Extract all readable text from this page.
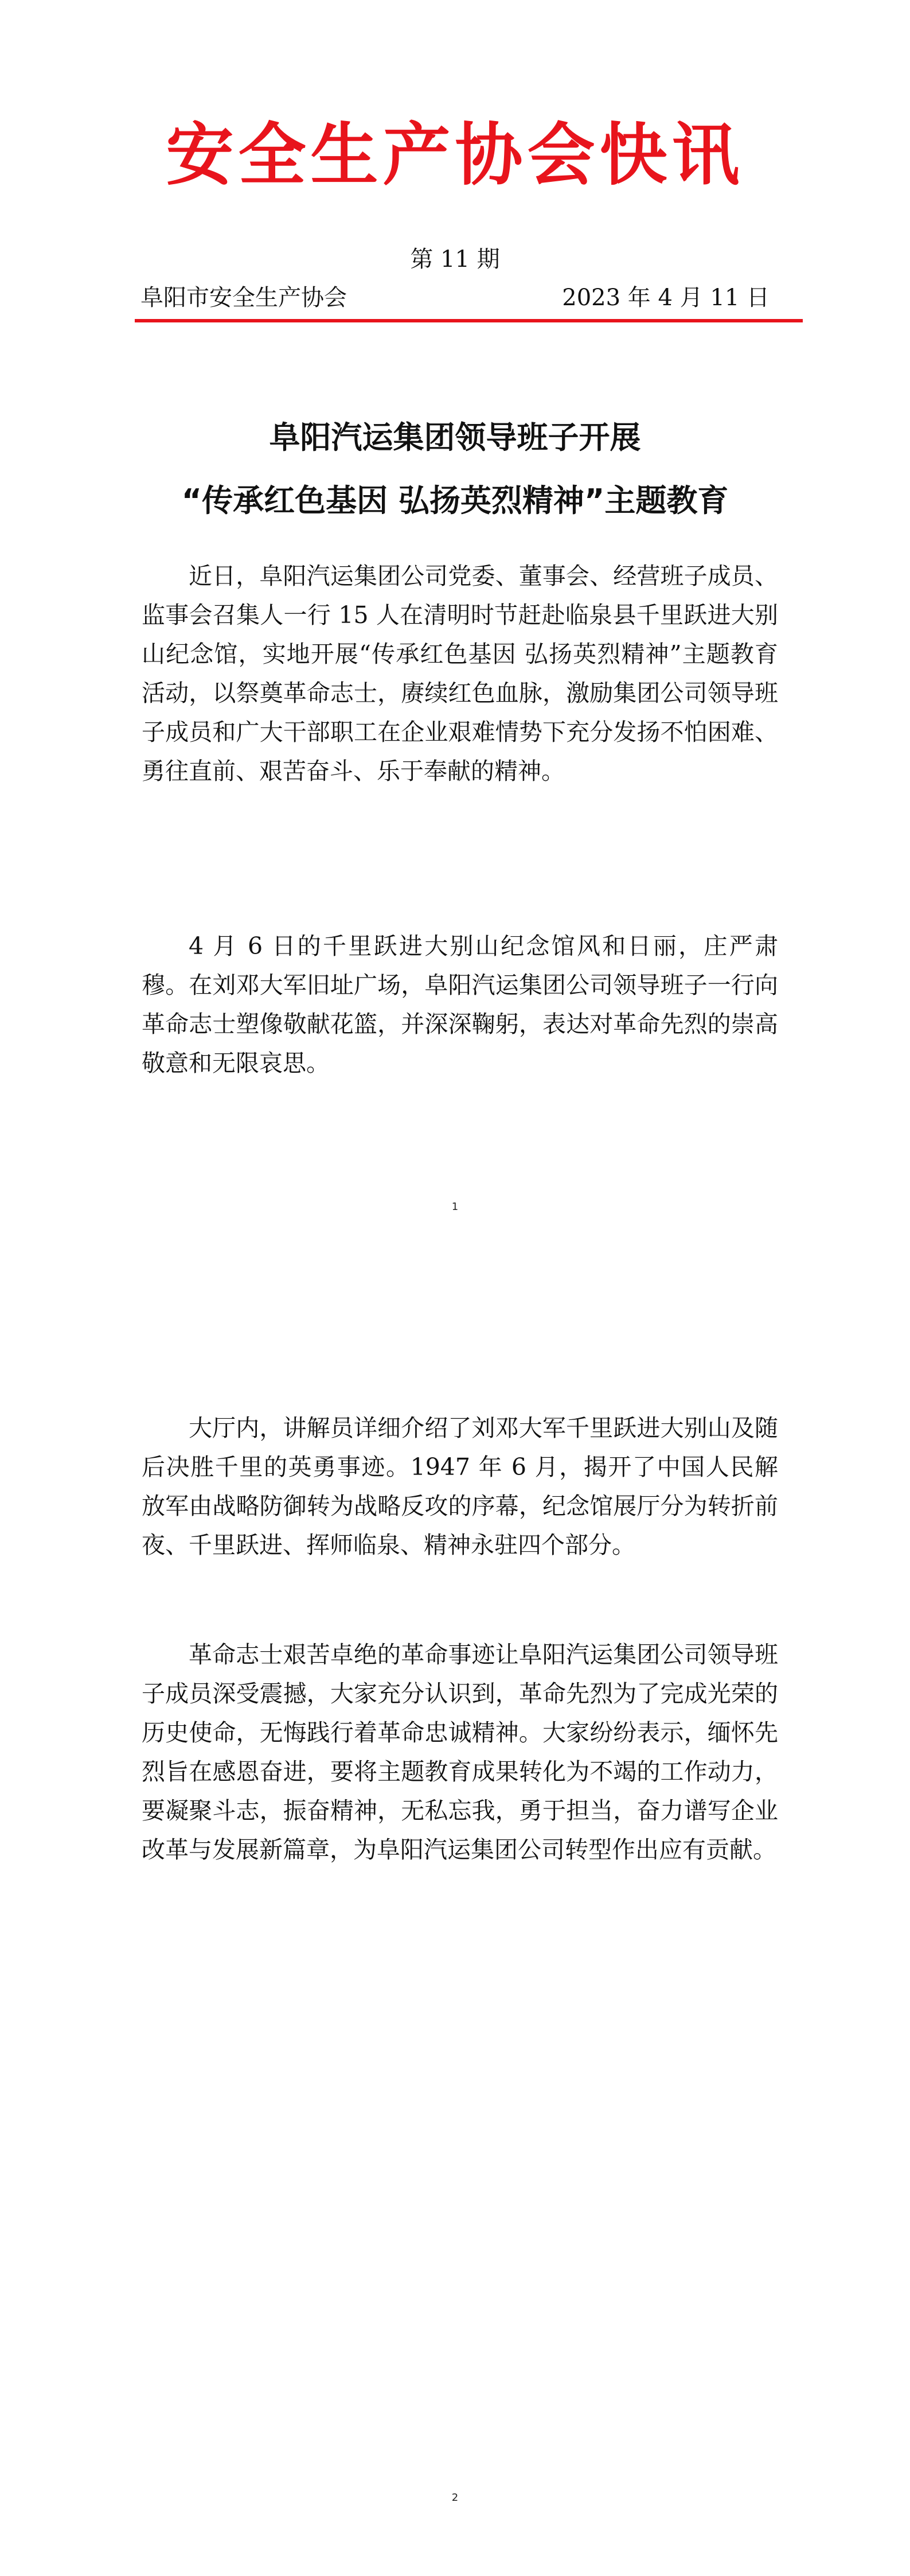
安全生产协会快讯
第 11 期
阜阳市安全生产协会	2023 年 4 月 11 日
阜阳汽运集团领导班子开展
“传承红色基因 弘扬英烈精神”主题教育

近日，阜阳汽运集团公司党委、董事会、经营班子成员、监事会召集人一行 15 人在清明时节赶赴临泉县千里跃进大别山纪念馆，实地开展“传承红色基因 弘扬英烈精神”主题教育活动，以祭奠革命志士，赓续红色血脉，激励集团公司领导班子成员和广大干部职工在企业艰难情势下充分发扬不怕困难、勇往直前、艰苦奋斗、乐于奉献的精神。

4 月 6 日的千里跃进大别山纪念馆风和日丽，庄严肃穆。在刘邓大军旧址广场，阜阳汽运集团公司领导班子一行向革命志士塑像敬献花篮，并深深鞠躬，表达对革命先烈的崇高敬意和无限哀思。

1

大厅内，讲解员详细介绍了刘邓大军千里跃进大别山及随后决胜千里的英勇事迹。1947 年 6 月，揭开了中国人民解放军由战略防御转为战略反攻的序幕，纪念馆展厅分为转折前夜、千里跃进、挥师临泉、精神永驻四个部分。

革命志士艰苦卓绝的革命事迹让阜阳汽运集团公司领导班子成员深受震撼，大家充分认识到，革命先烈为了完成光荣的历史使命，无悔践行着革命忠诚精神。大家纷纷表示，缅怀先烈旨在感恩奋进，要将主题教育成果转化为不竭的工作动力，要凝聚斗志，振奋精神，无私忘我，勇于担当，奋力谱写企业改革与发展新篇章，为阜阳汽运集团公司转型作出应有贡献。

2
